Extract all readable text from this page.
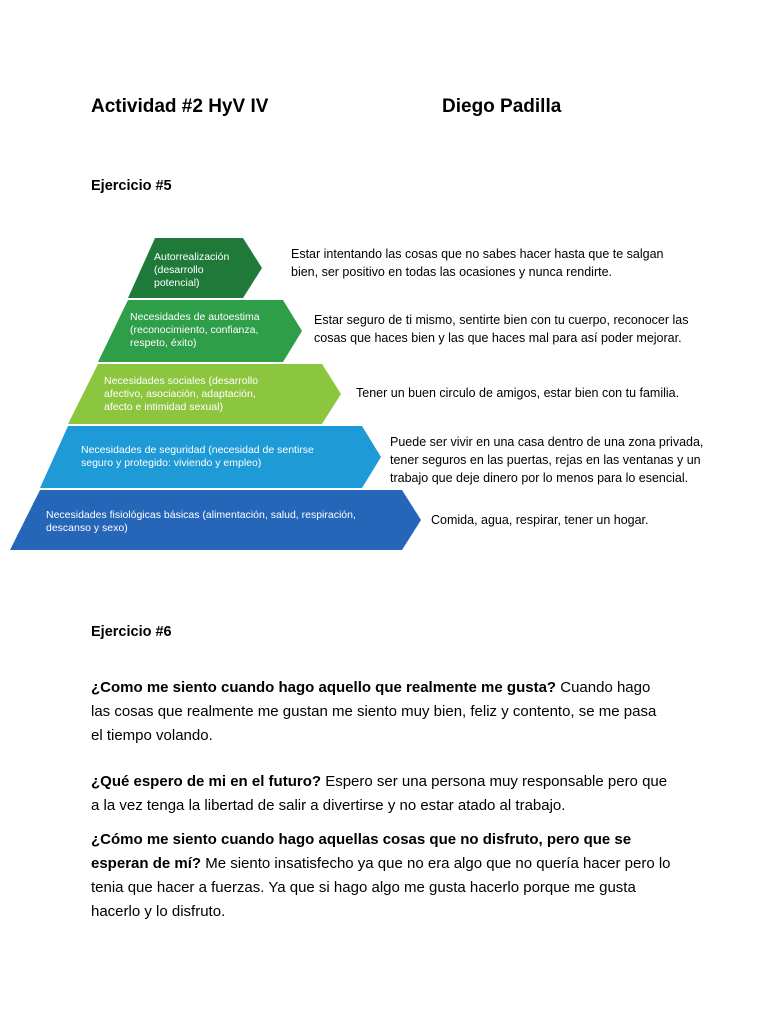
Actividad #2 HyV IV	Diego Padilla
Ejercicio #5
Autorrealización (desarrollo potencial)
Necesidades de autoestima (reconocimiento, confianza, respeto, éxito)
Necesidades sociales (desarrollo afectivo, asociación, adaptación, afecto e intimidad sexual)
Necesidades de seguridad (necesidad de sentirse seguro y protegido: viviendo y empleo)
Necesidades fisiológicas básicas (alimentación, salud, respiración, descanso y sexo)
Estar intentando las cosas que no sabes hacer hasta que te salgan bien, ser positivo en todas las ocasiones y nunca rendirte.
Estar seguro de ti mismo, sentirte bien con tu cuerpo, reconocer las cosas que haces bien y las que haces mal para así poder mejorar.
Tener un buen circulo de amigos, estar bien con tu familia.
Puede ser vivir en una casa dentro de una zona privada, tener seguros en las puertas, rejas en las ventanas y un trabajo que deje dinero por lo menos para lo esencial.
Comida, agua, respirar, tener un hogar.
Ejercicio #6

¿Como me siento cuando hago aquello que realmente me gusta? Cuando hago las cosas que realmente me gustan me siento muy bien, feliz y contento, se me pasa el tiempo volando.

¿Qué espero de mi en el futuro? Espero ser una persona muy responsable pero que a la vez tenga la libertad de salir a divertirse y no estar atado al trabajo.

¿Cómo me siento cuando hago aquellas cosas que no disfruto, pero que se esperan de mí? Me siento insatisfecho ya que no era algo que no quería hacer pero lo tenia que hacer a fuerzas. Ya que si hago algo me gusta hacerlo porque me gusta hacerlo y lo disfruto.
